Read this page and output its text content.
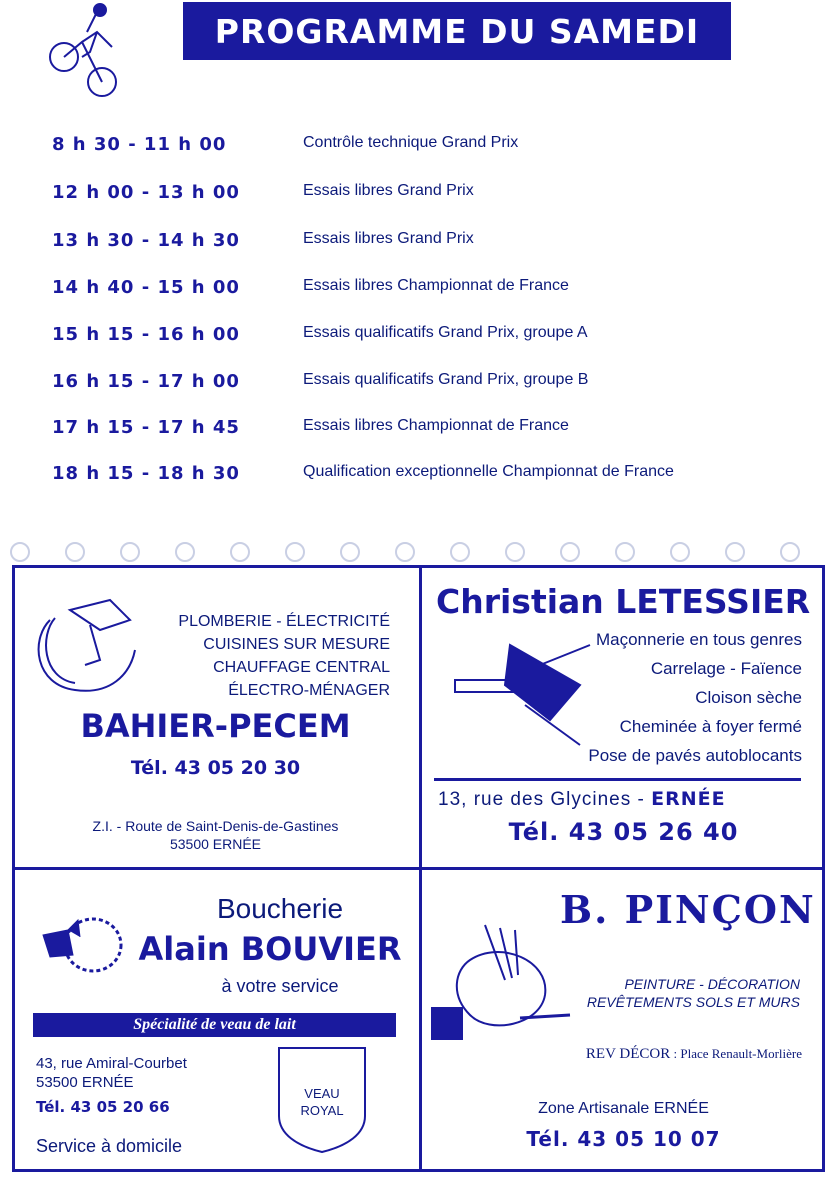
PROGRAMME DU SAMEDI
8 h 30 - 11 h 00	Contrôle technique Grand Prix
12 h 00 - 13 h 00	Essais libres Grand Prix
13 h 30 - 14 h 30	Essais libres Grand Prix
14 h 40 - 15 h 00	Essais libres Championnat de France
15 h 15 - 16 h 00	Essais qualificatifs Grand Prix, groupe A
16 h 15 - 17 h 00	Essais qualificatifs Grand Prix, groupe B
17 h 15 - 17 h 45	Essais libres Championnat de France
18 h 15 - 18 h 30	Qualification exceptionnelle Championnat de France
PLOMBERIE - ÉLECTRICITÉ
CUISINES SUR MESURE
CHAUFFAGE CENTRAL
ÉLECTRO-MÉNAGER
BAHIER-PECEM
Tél. 43 05 20 30
Z.I. - Route de Saint-Denis-de-Gastines
53500 ERNÉE
Christian LETESSIER
Maçonnerie en tous genres
Carrelage - Faïence
Cloison sèche
Cheminée à foyer fermé
Pose de pavés autoblocants
13, rue des Glycines - ERNÉE
Tél. 43 05 26 40
Boucherie
Alain BOUVIER
à votre service
Spécialité de veau de lait
43, rue Amiral-Courbet
53500 ERNÉE
Tél. 43 05 20 66
Service à domicile
VEAU
ROYAL
B. PINÇON
PEINTURE - DÉCORATION
REVÊTEMENTS SOLS ET MURS
REV DÉCOR : Place Renault-Morlière
Zone Artisanale ERNÉE
Tél. 43 05 10 07
